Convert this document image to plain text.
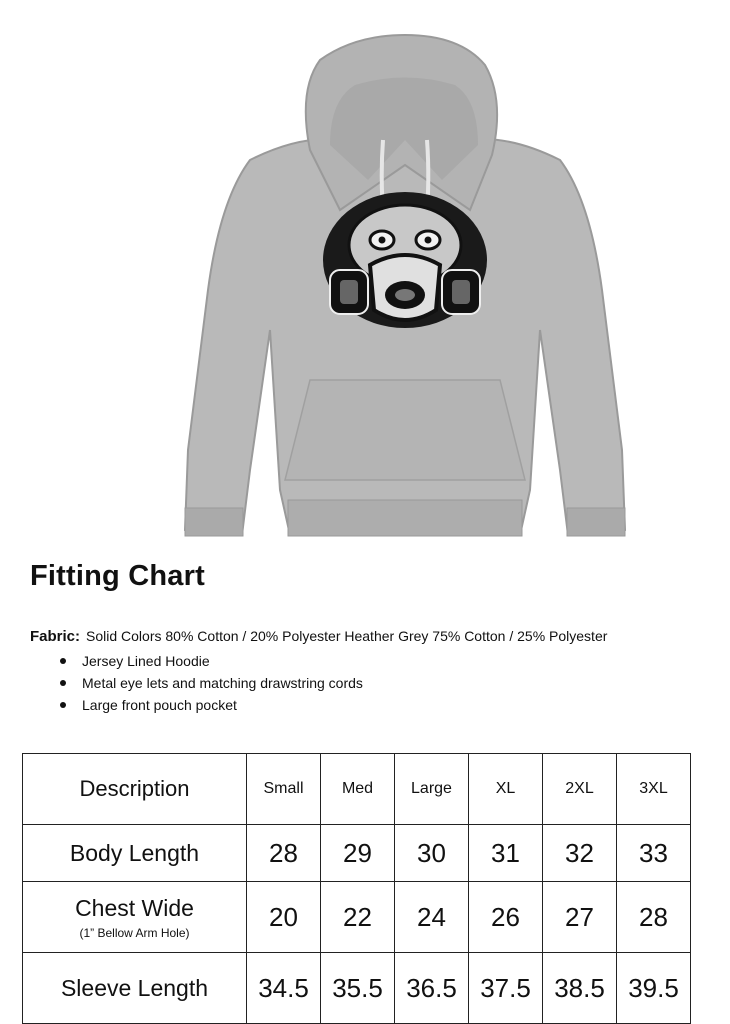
Fitting Chart
Fabric: Solid Colors 80% Cotton / 20% Polyester Heather Grey 75% Cotton / 25% Polyester
Jersey Lined Hoodie
Metal eye lets and matching drawstring cords
Large front pouch pocket
Description	Small	Med	Large	XL	2XL	3XL
Body Length	28	29	30	31	32	33
Chest Wide
(1” Bellow Arm Hole)	20	22	24	26	27	28
Sleeve Length	34.5	35.5	36.5	37.5	38.5	39.5
